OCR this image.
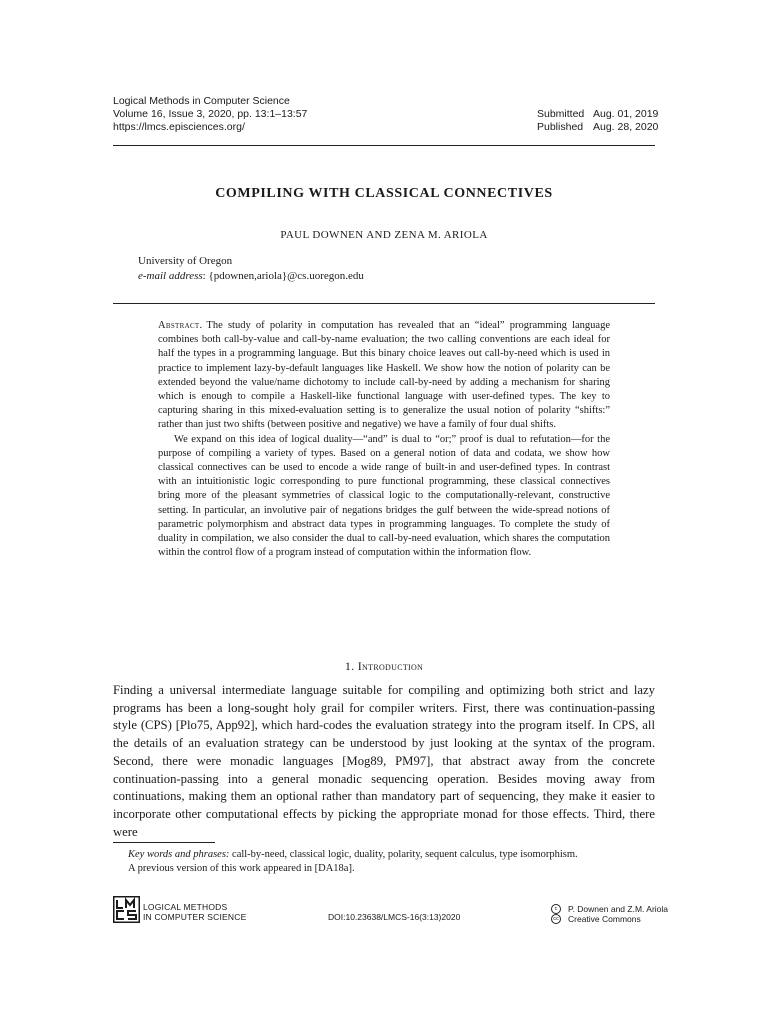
Logical Methods in Computer Science
Volume 16, Issue 3, 2020, pp. 13:1–13:57
https://lmcs.episciences.org/
Submitted Aug. 01, 2019
Published Aug. 28, 2020
COMPILING WITH CLASSICAL CONNECTIVES
PAUL DOWNEN AND ZENA M. ARIOLA
University of Oregon
e-mail address: {pdownen,ariola}@cs.uoregon.edu

Abstract. The study of polarity in computation has revealed that an “ideal” programming language combines both call-by-value and call-by-name evaluation; the two calling conventions are each ideal for half the types in a programming language. But this binary choice leaves out call-by-need which is used in practice to implement lazy-by-default languages like Haskell. We show how the notion of polarity can be extended beyond the value/name dichotomy to include call-by-need by adding a mechanism for sharing which is enough to compile a Haskell-like functional language with user-defined types. The key to capturing sharing in this mixed-evaluation setting is to generalize the usual notion of polarity “shifts:” rather than just two shifts (between positive and negative) we have a family of four dual shifts.

We expand on this idea of logical duality—“and” is dual to “or;” proof is dual to refutation—for the purpose of compiling a variety of types. Based on a general notion of data and codata, we show how classical connectives can be used to encode a wide range of built-in and user-defined types. In contrast with an intuitionistic logic corresponding to pure functional programming, these classical connectives bring more of the pleasant symmetries of classical logic to the computationally-relevant, constructive setting. In particular, an involutive pair of negations bridges the gulf between the wide-spread notions of parametric polymorphism and abstract data types in programming languages. To complete the study of duality in compilation, we also consider the dual to call-by-need evaluation, which shares the computation within the control flow of a program instead of computation within the information flow.

1. Introduction

Finding a universal intermediate language suitable for compiling and optimizing both strict and lazy programs has been a long-sought holy grail for compiler writers. First, there was continuation-passing style (CPS) [Plo75, App92], which hard-codes the evaluation strategy into the program itself. In CPS, all the details of an evaluation strategy can be understood by just looking at the syntax of the program. Second, there were monadic languages [Mog89, PM97], that abstract away from the concrete continuation-passing into a general monadic sequencing operation. Besides moving away from continuations, making them an optional rather than mandatory part of sequencing, they make it easier to incorporate other computational effects by picking the appropriate monad for those effects. Third, there were

Key words and phrases: call-by-need, classical logic, duality, polarity, sequent calculus, type isomorphism.

A previous version of this work appeared in [DA18a].

LOGICAL METHODS
IN COMPUTER SCIENCE	DOI:10.23638/LMCS-16(3:13)2020
c	P. Downen and Z.M. Ariola
cc Creative Commons
